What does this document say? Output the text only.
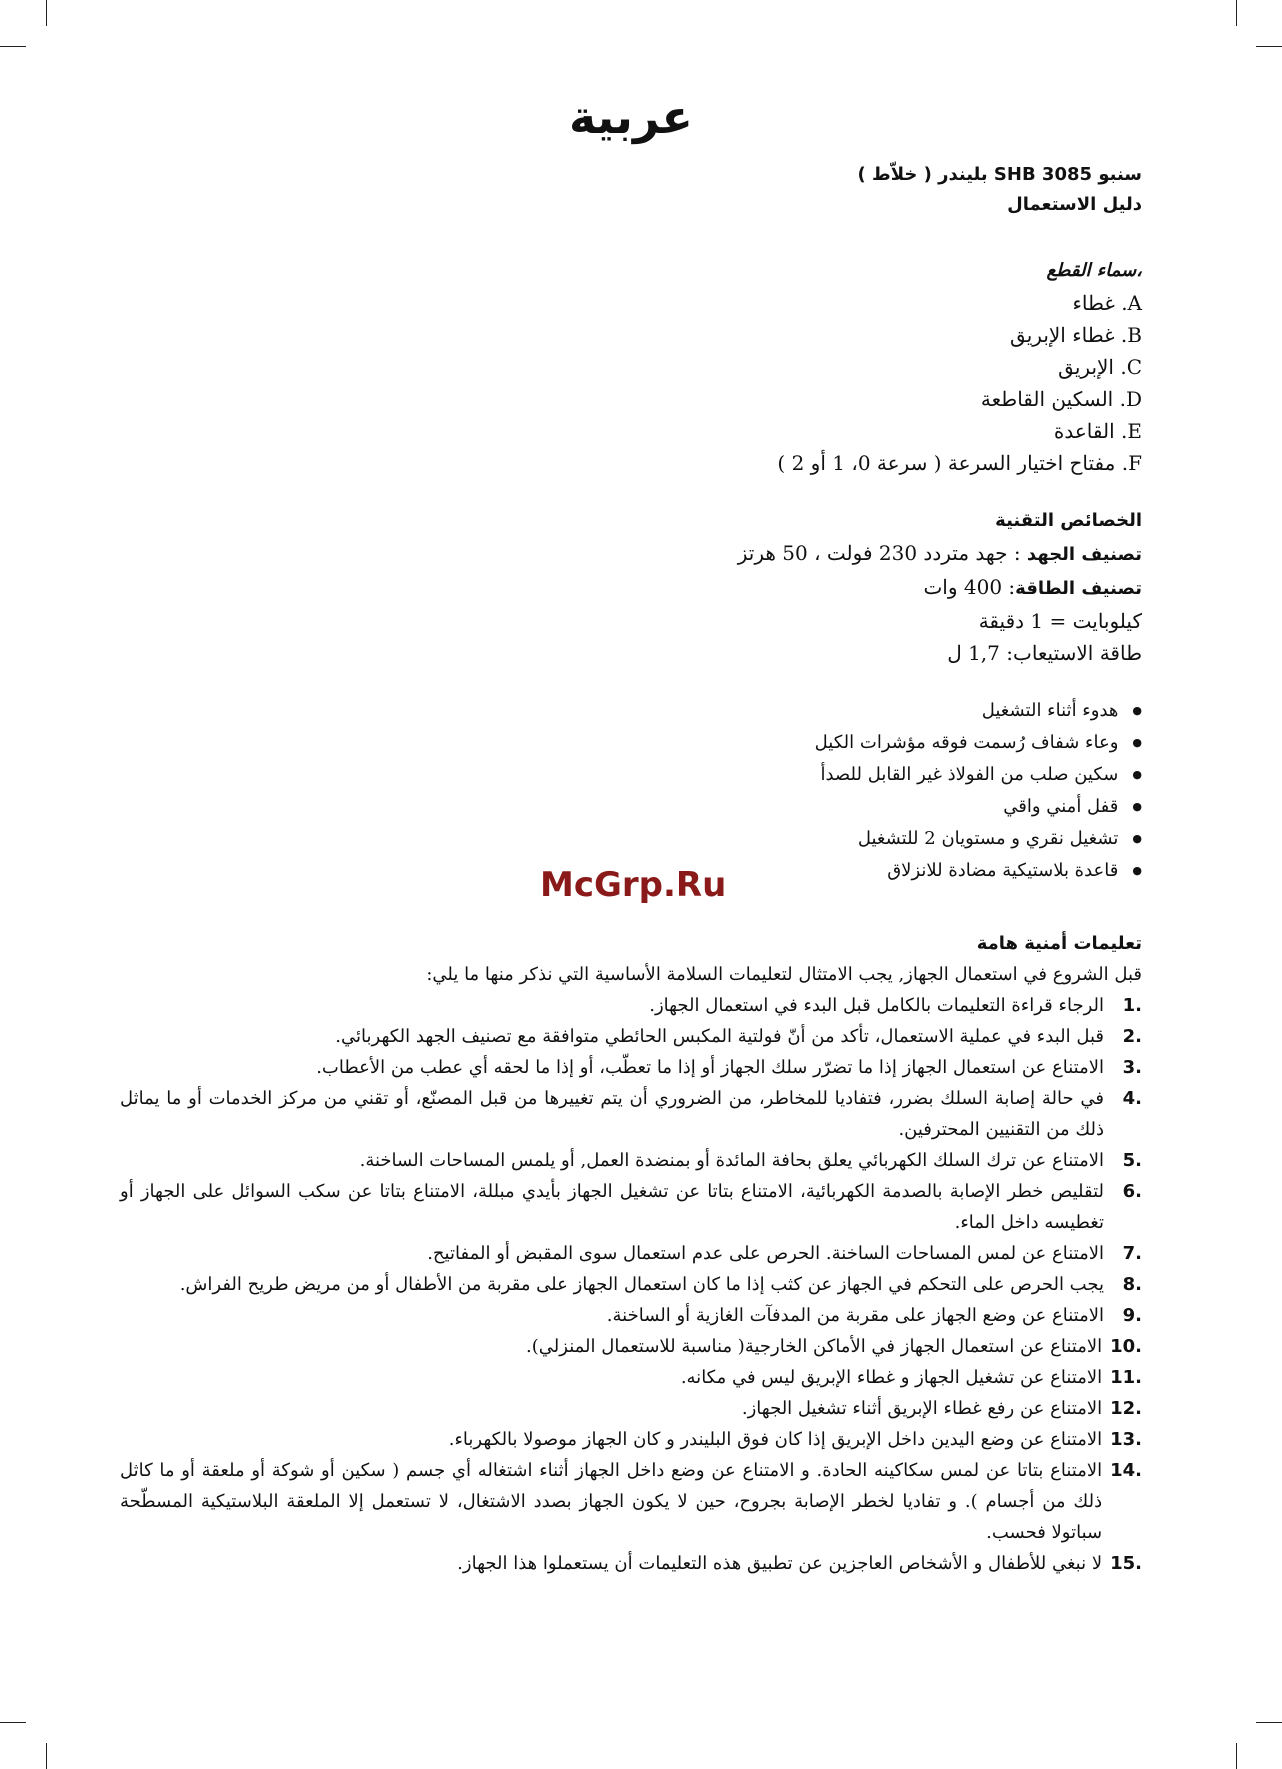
عربية
سنبو SHB 3085 بليندر ( خلاّط )
دليل الاستعمال
،سماء القطع
A. غطاء
B. غطاء الإبريق
C. الإبريق
D. السكين القاطعة
E. القاعدة
F. مفتاح اختيار السرعة ( سرعة 0، 1 أو 2 )
الخصائص التقنية
تصنيف الجهد : جهد متردد 230 فولت ، 50 هرتز
تصنيف الطاقة: 400 وات
كيلوبايت = 1 دقيقة
طاقة الاستيعاب: 1,7 ل
● هدوء أثناء التشغيل
● وعاء شفاف رُسمت فوقه مؤشرات الكيل
● سكين صلب من الفولاذ غير القابل للصدأ
● قفل أمني واقي
● تشغيل نقري و مستويان 2 للتشغيل
● قاعدة بلاستيكية مضادة للانزلاق
تعليمات أمنية هامة
قبل الشروع في استعمال الجهاز, يجب الامتثال لتعليمات السلامة الأساسية التي نذكر منها ما يلي:
1.
الرجاء قراءة التعليمات بالكامل قبل البدء في استعمال الجهاز.
2.
قبل البدء في عملية الاستعمال، تأكد من أنّ فولتية المكبس الحائطي متوافقة مع تصنيف الجهد الكهربائي.
3.
الامتناع عن استعمال الجهاز إذا ما تضرّر سلك الجهاز أو إذا ما تعطّب، أو إذا ما لحقه أي عطب من الأعطاب.
4.
في حالة إصابة السلك بضرر، فتفاديا للمخاطر، من الضروري أن يتم تغييرها من قبل المصنّع، أو تقني من مركز الخدمات أو ما يماثل ذلك من التقنيين المحترفين.
5.
الامتناع عن ترك السلك الكهربائي يعلق بحافة المائدة أو بمنضدة العمل, أو يلمس المساحات الساخنة.
6.
لتقليص خطر الإصابة بالصدمة الكهربائية، الامتناع بتاتا عن تشغيل الجهاز بأيدي مبللة، الامتناع بتاتا عن سكب السوائل على الجهاز أو تغطيسه داخل الماء.
7.
الامتناع عن لمس المساحات الساخنة. الحرص على عدم استعمال سوى المقبض أو المفاتيح.
8.
يجب الحرص على التحكم في الجهاز عن كثب إذا ما كان استعمال الجهاز على مقربة من الأطفال أو من مريض طريح الفراش.
9.
الامتناع عن وضع الجهاز على مقربة من المدفآت الغازية أو الساخنة.
10.
الامتناع عن استعمال الجهاز في الأماكن الخارجية( مناسبة للاستعمال المنزلي).
11.
الامتناع عن تشغيل الجهاز و غطاء الإبريق ليس في مكانه.
12.
الامتناع عن رفع غطاء الإبريق أثناء تشغيل الجهاز.
13.
الامتناع عن وضع اليدين داخل الإبريق إذا كان فوق البليندر و كان الجهاز موصولا بالكهرباء.
14.
الامتناع بتاتا عن لمس سكاكينه الحادة. و الامتناع عن وضع داخل الجهاز أثناء اشتغاله أي جسم ( سكين أو شوكة أو ملعقة أو ما كاثل ذلك من أجسام ). و تفاديا لخطر الإصابة بجروح، حين لا يكون الجهاز بصدد الاشتغال، لا تستعمل إلا الملعقة البلاستيكية المسطّحة سباتولا فحسب.
15.
لا نبغي للأطفال و الأشخاص العاجزين عن تطبيق هذه التعليمات أن يستعملوا هذا الجهاز.
McGrp.Ru
